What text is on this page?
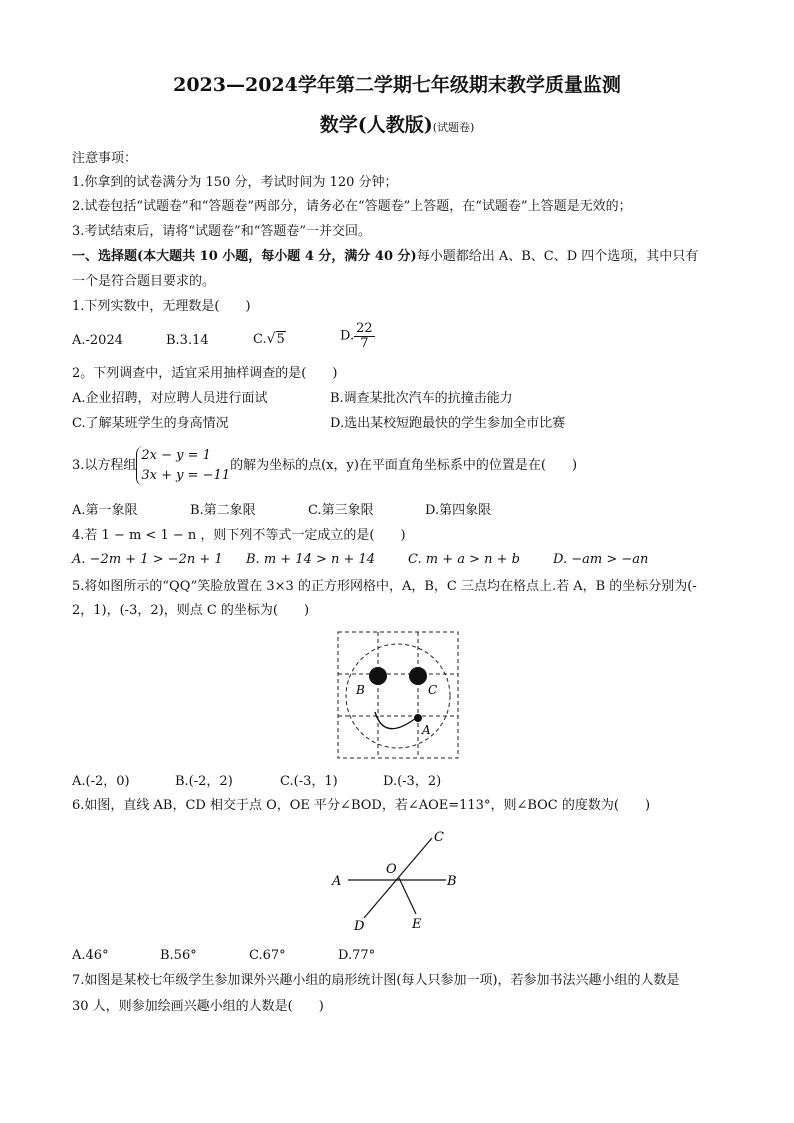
2023—2024学年第二学期七年级期末教学质量监测
数学(人教版)(试题卷)
注意事项：
1.你拿到的试卷满分为 150 分，考试时间为 120 分钟；
2.试卷包括“试题卷”和“答题卷”两部分，请务必在“答题卷”上答题，在“试题卷”上答题是无效的；
3.考试结束后，请将“试题卷”和“答题卷”一并交回。
一、选择题(本大题共 10 小题，每小题 4 分，满分 40 分)每小题都给出 A、B、C、D 四个选项，其中只有
一个是符合题目要求的。
1.下列实数中，无理数是(　　)
A.-2024	B.3.14	C.√5	D. $\frac{22}{7}$
2。下列调查中，适宜采用抽样调查的是(　　)
A.企业招聘，对应聘人员进行面试	B.调查某批次汽车的抗撞击能力
C.了解某班学生的身高情况	D.选出某校短跑最快的学生参加全市比赛
3.以方程组
2x − y = 1
3x + y = −11
的解为坐标的点(x，y)在平面直角坐标系中的位置是在(　　)
A.第一象限	B.第二象限	C.第三象限	D.第四象限
4.若 1 − m < 1 − n ，则下列不等式一定成立的是(　　)
A. −2m + 1 > −2n + 1 B. m + 14 > n + 14	C. m + a > n + b	D. −am > −an
5.将如图所示的“QQ”笑脸放置在 3×3 的正方形网格中，A，B，C 三点均在格点上.若 A，B 的坐标分别为(-
2，1)，(-3，2)，则点 C 的坐标为(　　)
B	C
A
A.(-2，0)	B.(-2，2)	C.(-3，1)	D.(-3，2)
6.如图，直线 AB，CD 相交于点 O，OE 平分∠BOD，若∠AOE=113°，则∠BOC 的度数为(　　)
O
A	B
C
D	E
A.46°	B.56°	C.67°	D.77°
7.如图是某校七年级学生参加课外兴趣小组的扇形统计图(每人只参加一项)，若参加书法兴趣小组的人数是
30 人，则参加绘画兴趣小组的人数是(　　)
